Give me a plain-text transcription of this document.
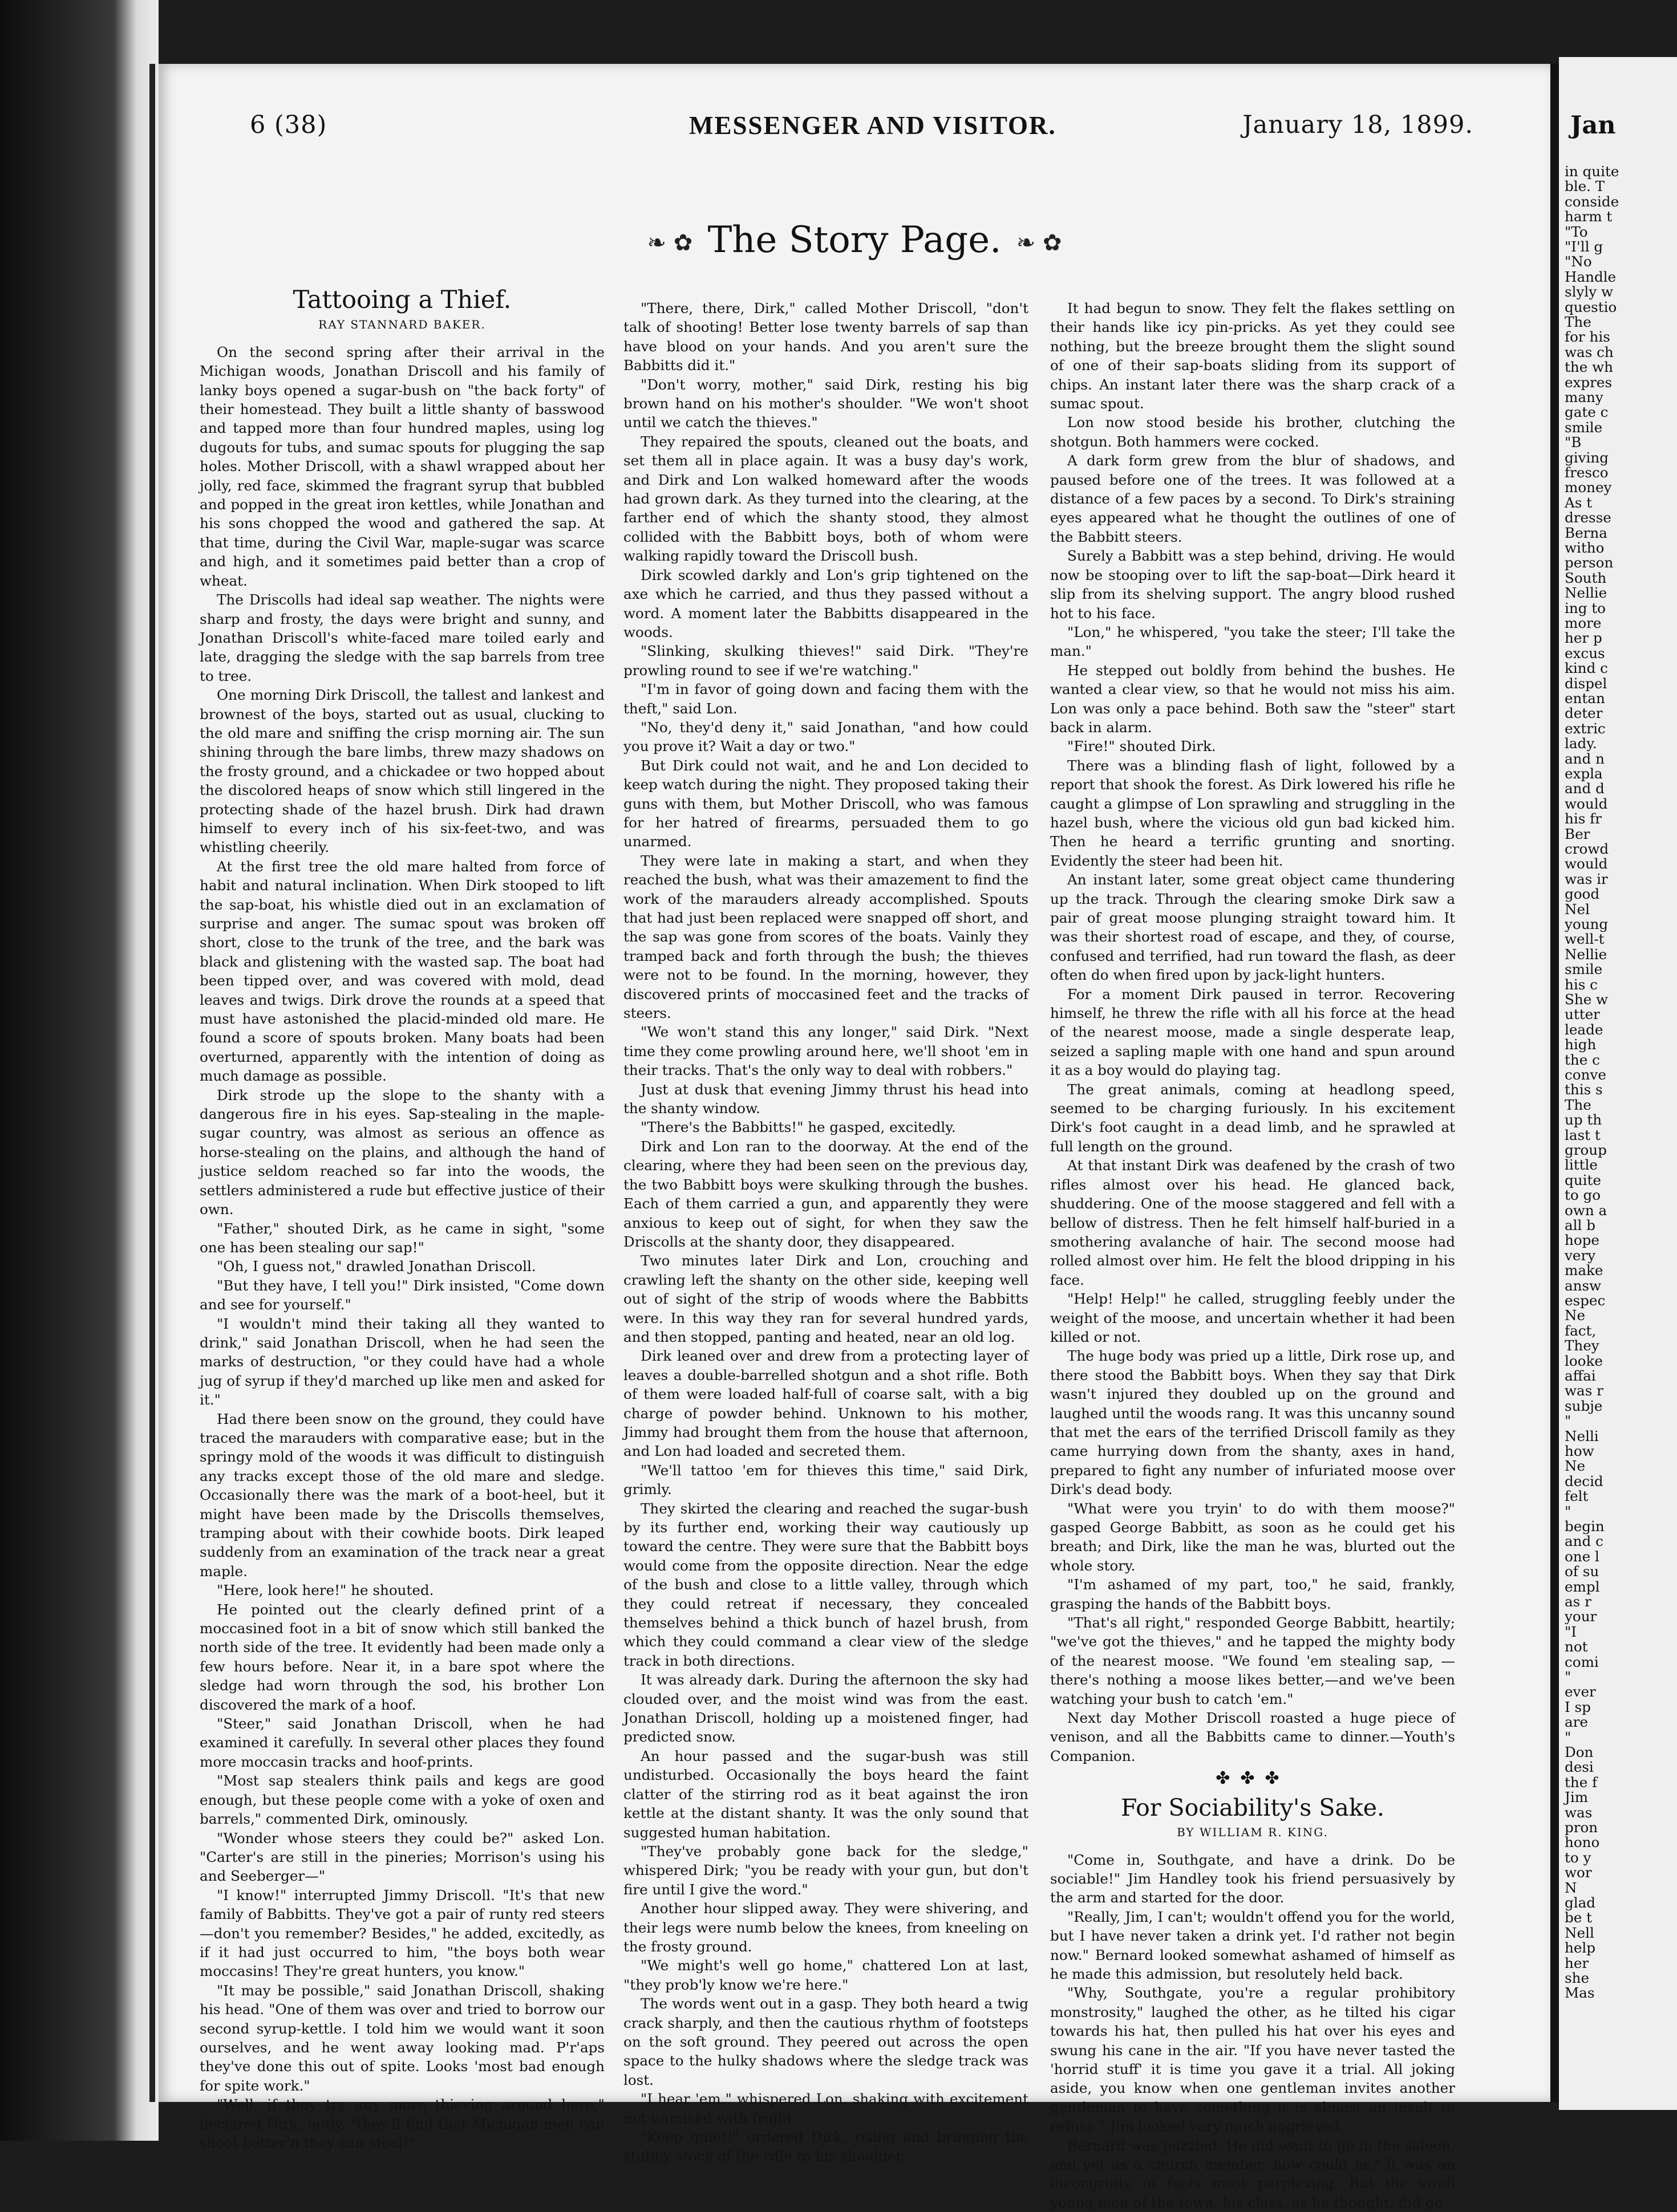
6 (38)	MESSENGER AND VISITOR.	January 18, 1899.
❧ ✿ The Story Page. ❧ ✿
Tattooing a Thief.
RAY STANNARD BAKER.

On the second spring after their arrival in the Michigan woods, Jonathan Driscoll and his family of lanky boys opened a sugar-bush on "the back forty" of their homestead. They built a little shanty of basswood and tapped more than four hundred maples, using log dugouts for tubs, and sumac spouts for plugging the sap holes. Mother Driscoll, with a shawl wrapped about her jolly, red face, skimmed the fragrant syrup that bubbled and popped in the great iron kettles, while Jonathan and his sons chopped the wood and gathered the sap. At that time, during the Civil War, maple-sugar was scarce and high, and it sometimes paid better than a crop of wheat.

The Driscolls had ideal sap weather. The nights were sharp and frosty, the days were bright and sunny, and Jonathan Driscoll's white-faced mare toiled early and late, dragging the sledge with the sap barrels from tree to tree.

One morning Dirk Driscoll, the tallest and lankest and brownest of the boys, started out as usual, clucking to the old mare and sniffing the crisp morning air. The sun shining through the bare limbs, threw mazy shadows on the frosty ground, and a chickadee or two hopped about the discolored heaps of snow which still lingered in the protecting shade of the hazel brush. Dirk had drawn himself to every inch of his six-feet-two, and was whistling cheerily.

At the first tree the old mare halted from force of habit and natural inclination. When Dirk stooped to lift the sap-boat, his whistle died out in an exclamation of surprise and anger. The sumac spout was broken off short, close to the trunk of the tree, and the bark was black and glistening with the wasted sap. The boat had been tipped over, and was covered with mold, dead leaves and twigs. Dirk drove the rounds at a speed that must have astonished the placid-minded old mare. He found a score of spouts broken. Many boats had been overturned, apparently with the intention of doing as much damage as possible.

Dirk strode up the slope to the shanty with a dangerous fire in his eyes. Sap-stealing in the maple-sugar country, was almost as serious an offence as horse-stealing on the plains, and although the hand of justice seldom reached so far into the woods, the settlers administered a rude but effective justice of their own.

"Father," shouted Dirk, as he came in sight, "some one has been stealing our sap!"

"Oh, I guess not," drawled Jonathan Driscoll.

"But they have, I tell you!" Dirk insisted, "Come down and see for yourself."

"I wouldn't mind their taking all they wanted to drink," said Jonathan Driscoll, when he had seen the marks of destruction, "or they could have had a whole jug of syrup if they'd marched up like men and asked for it."

Had there been snow on the ground, they could have traced the marauders with comparative ease; but in the springy mold of the woods it was difficult to distinguish any tracks except those of the old mare and sledge. Occasionally there was the mark of a boot-heel, but it might have been made by the Driscolls themselves, tramping about with their cowhide boots. Dirk leaped suddenly from an examination of the track near a great maple.

"Here, look here!" he shouted.

He pointed out the clearly defined print of a moccasined foot in a bit of snow which still banked the north side of the tree. It evidently had been made only a few hours before. Near it, in a bare spot where the sledge had worn through the sod, his brother Lon discovered the mark of a hoof.

"Steer," said Jonathan Driscoll, when he had examined it carefully. In several other places they found more moccasin tracks and hoof-prints.

"Most sap stealers think pails and kegs are good enough, but these people come with a yoke of oxen and barrels," commented Dirk, ominously.

"Wonder whose steers they could be?" asked Lon. "Carter's are still in the pineries; Morrison's using his and Seeberger—"

"I know!" interrupted Jimmy Driscoll. "It's that new family of Babbitts. They've got a pair of runty red steers—don't you remember? Besides," he added, excitedly, as if it had just occurred to him, "the boys both wear moccasins! They're great hunters, you know."

"It may be possible," said Jonathan Driscoll, shaking his head. "One of them was over and tried to borrow our second syrup-kettle. I told him we would want it soon ourselves, and he went away looking mad. P'r'aps they've done this out of spite. Looks 'most bad enough for spite work."

"Well, if they try any more thieving around here," declared Dirk, hotly, "they'll find that Michigan men can shoot better'n they can steal!"

"There, there, Dirk," called Mother Driscoll, "don't talk of shooting! Better lose twenty barrels of sap than have blood on your hands. And you aren't sure the Babbitts did it."

"Don't worry, mother," said Dirk, resting his big brown hand on his mother's shoulder. "We won't shoot until we catch the thieves."

They repaired the spouts, cleaned out the boats, and set them all in place again. It was a busy day's work, and Dirk and Lon walked homeward after the woods had grown dark. As they turned into the clearing, at the farther end of which the shanty stood, they almost collided with the Babbitt boys, both of whom were walking rapidly toward the Driscoll bush.

Dirk scowled darkly and Lon's grip tightened on the axe which he carried, and thus they passed without a word. A moment later the Babbitts disappeared in the woods.

"Slinking, skulking thieves!" said Dirk. "They're prowling round to see if we're watching."

"I'm in favor of going down and facing them with the theft," said Lon.

"No, they'd deny it," said Jonathan, "and how could you prove it? Wait a day or two."

But Dirk could not wait, and he and Lon decided to keep watch during the night. They proposed taking their guns with them, but Mother Driscoll, who was famous for her hatred of firearms, persuaded them to go unarmed.

They were late in making a start, and when they reached the bush, what was their amazement to find the work of the marauders already accomplished. Spouts that had just been replaced were snapped off short, and the sap was gone from scores of the boats. Vainly they tramped back and forth through the bush; the thieves were not to be found. In the morning, however, they discovered prints of moccasined feet and the tracks of steers.

"We won't stand this any longer," said Dirk. "Next time they come prowling around here, we'll shoot 'em in their tracks. That's the only way to deal with robbers."

Just at dusk that evening Jimmy thrust his head into the shanty window.

"There's the Babbitts!" he gasped, excitedly.

Dirk and Lon ran to the doorway. At the end of the clearing, where they had been seen on the previous day, the two Babbitt boys were skulking through the bushes. Each of them carried a gun, and apparently they were anxious to keep out of sight, for when they saw the Driscolls at the shanty door, they disappeared.

Two minutes later Dirk and Lon, crouching and crawling left the shanty on the other side, keeping well out of sight of the strip of woods where the Babbitts were. In this way they ran for several hundred yards, and then stopped, panting and heated, near an old log.

Dirk leaned over and drew from a protecting layer of leaves a double-barrelled shotgun and a shot rifle. Both of them were loaded half-full of coarse salt, with a big charge of powder behind. Unknown to his mother, Jimmy had brought them from the house that afternoon, and Lon had loaded and secreted them.

"We'll tattoo 'em for thieves this time," said Dirk, grimly.

They skirted the clearing and reached the sugar-bush by its further end, working their way cautiously up toward the centre. They were sure that the Babbitt boys would come from the opposite direction. Near the edge of the bush and close to a little valley, through which they could retreat if necessary, they concealed themselves behind a thick bunch of hazel brush, from which they could command a clear view of the sledge track in both directions.

It was already dark. During the afternoon the sky had clouded over, and the moist wind was from the east. Jonathan Driscoll, holding up a moistened finger, had predicted snow.

An hour passed and the sugar-bush was still undisturbed. Occasionally the boys heard the faint clatter of the stirring rod as it beat against the iron kettle at the distant shanty. It was the only sound that suggested human habitation.

"They've probably gone back for the sledge," whispered Dirk; "you be ready with your gun, but don't fire until I give the word."

Another hour slipped away. They were shivering, and their legs were numb below the knees, from kneeling on the frosty ground.

"We might's well go home," chattered Lon at last, "they prob'ly know we're here."

The words went out in a gasp. They both heard a twig crack sharply, and then the cautious rhythm of footsteps on the soft ground. They peered out across the open space to the hulky shadows where the sledge track was lost.

"I hear 'em," whispered Lon, shaking with excitement not unmixed with fright.

"Keep quiet!" ordered Dirk, rising and bringing the stubby stock of the rifle to his shoulder.

It had begun to snow. They felt the flakes settling on their hands like icy pin-pricks. As yet they could see nothing, but the breeze brought them the slight sound of one of their sap-boats sliding from its support of chips. An instant later there was the sharp crack of a sumac spout.

Lon now stood beside his brother, clutching the shotgun. Both hammers were cocked.

A dark form grew from the blur of shadows, and paused before one of the trees. It was followed at a distance of a few paces by a second. To Dirk's straining eyes appeared what he thought the outlines of one of the Babbitt steers.

Surely a Babbitt was a step behind, driving. He would now be stooping over to lift the sap-boat—Dirk heard it slip from its shelving support. The angry blood rushed hot to his face.

"Lon," he whispered, "you take the steer; I'll take the man."

He stepped out boldly from behind the bushes. He wanted a clear view, so that he would not miss his aim. Lon was only a pace behind. Both saw the "steer" start back in alarm.

"Fire!" shouted Dirk.

There was a blinding flash of light, followed by a report that shook the forest. As Dirk lowered his rifle he caught a glimpse of Lon sprawling and struggling in the hazel bush, where the vicious old gun bad kicked him. Then he heard a terrific grunting and snorting. Evidently the steer had been hit.

An instant later, some great object came thundering up the track. Through the clearing smoke Dirk saw a pair of great moose plunging straight toward him. It was their shortest road of escape, and they, of course, confused and terrified, had run toward the flash, as deer often do when fired upon by jack-light hunters.

For a moment Dirk paused in terror. Recovering himself, he threw the rifle with all his force at the head of the nearest moose, made a single desperate leap, seized a sapling maple with one hand and spun around it as a boy would do playing tag.

The great animals, coming at headlong speed, seemed to be charging furiously. In his excitement Dirk's foot caught in a dead limb, and he sprawled at full length on the ground.

At that instant Dirk was deafened by the crash of two rifles almost over his head. He glanced back, shuddering. One of the moose staggered and fell with a bellow of distress. Then he felt himself half-buried in a smothering avalanche of hair. The second moose had rolled almost over him. He felt the blood dripping in his face.

"Help! Help!" he called, struggling feebly under the weight of the moose, and uncertain whether it had been killed or not.

The huge body was pried up a little, Dirk rose up, and there stood the Babbitt boys. When they say that Dirk wasn't injured they doubled up on the ground and laughed until the woods rang. It was this uncanny sound that met the ears of the terrified Driscoll family as they came hurrying down from the shanty, axes in hand, prepared to fight any number of infuriated moose over Dirk's dead body.

"What were you tryin' to do with them moose?" gasped George Babbitt, as soon as he could get his breath; and Dirk, like the man he was, blurted out the whole story.

"I'm ashamed of my part, too," he said, frankly, grasping the hands of the Babbitt boys.

"That's all right," responded George Babbitt, heartily; "we've got the thieves," and he tapped the mighty body of the nearest moose. "We found 'em stealing sap, —there's nothing a moose likes better,—and we've been watching your bush to catch 'em."

Next day Mother Driscoll roasted a huge piece of venison, and all the Babbitts came to dinner.—Youth's Companion.

✤✤✤
For Sociability's Sake.
BY WILLIAM R. KING.

"Come in, Southgate, and have a drink. Do be sociable!" Jim Handley took his friend persuasively by the arm and started for the door.

"Really, Jim, I can't; wouldn't offend you for the world, but I have never taken a drink yet. I'd rather not begin now." Bernard looked somewhat ashamed of himself as he made this admission, but resolutely held back.

"Why, Southgate, you're a regular prohibitory monstrosity," laughed the other, as he tilted his cigar towards his hat, then pulled his hat over his eyes and swung his cane in the air. "If you have never tasted the 'horrid stuff' it is time you gave it a trial. All joking aside, you know when one gentleman invites another gentleman to have something it is almost an insult to refuse." Jim looked very much aggrieved.

Bernard was puzzled. He did want to go in the saloon, and yet as a church member, how could he? It was an incongruity of facts most perplexing. But the swell young men of the town, his class, as he thought, did go

Jan
in quite
ble. T
conside
harm t
"To
"I'll g
"No
Handle
slyly w
questio
The
for his
was ch
the wh
expres
many
gate c
smile
"B
giving
fresco
money
As t
dresse
Berna
witho
person
South
Nellie
ing to
more
her p
excus
kind c
dispel
entan
deter
extric
lady.
and n
expla
and d
would
his fr
Ber
crowd
would
was ir
good
Nel
young
well-t
Nellie
smile
his c
She w
utter
leade
high
the c
conve
this s
The
up th
last t
group
little
quite
to go
own a
all b
hope
very
make
answ
espec
Ne
fact,
They
looke
affai
was r
subje
"
Nelli
how
Ne
decid
felt
"
begin
and c
one l
of su
empl
as r
your
"I
not
comi
"
ever
I sp
are
"
Don
desi
the f
Jim
was
pron
hono
to y
wor
N
glad
be t
Nell
help
her
she
Mas
